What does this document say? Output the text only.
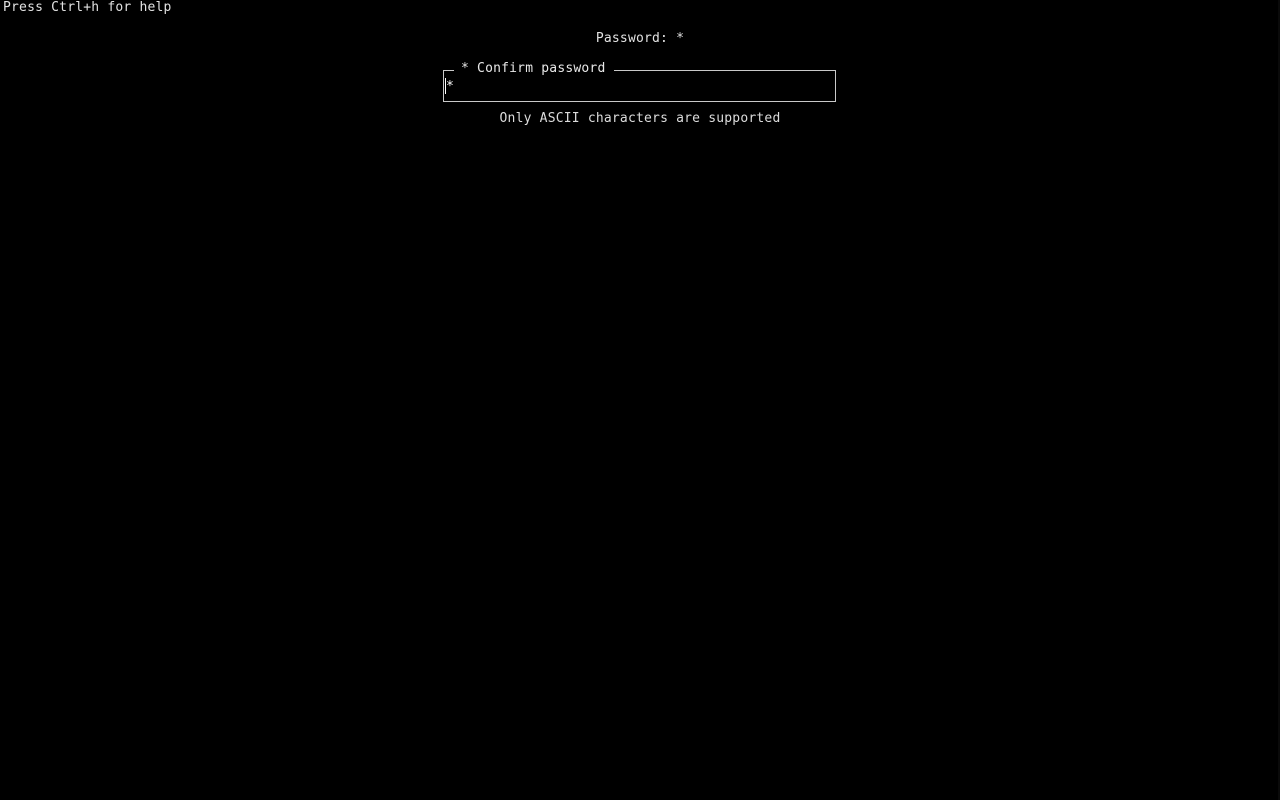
Press Ctrl+h for help
Password: *
* Confirm password
*
Only ASCII characters are supported
